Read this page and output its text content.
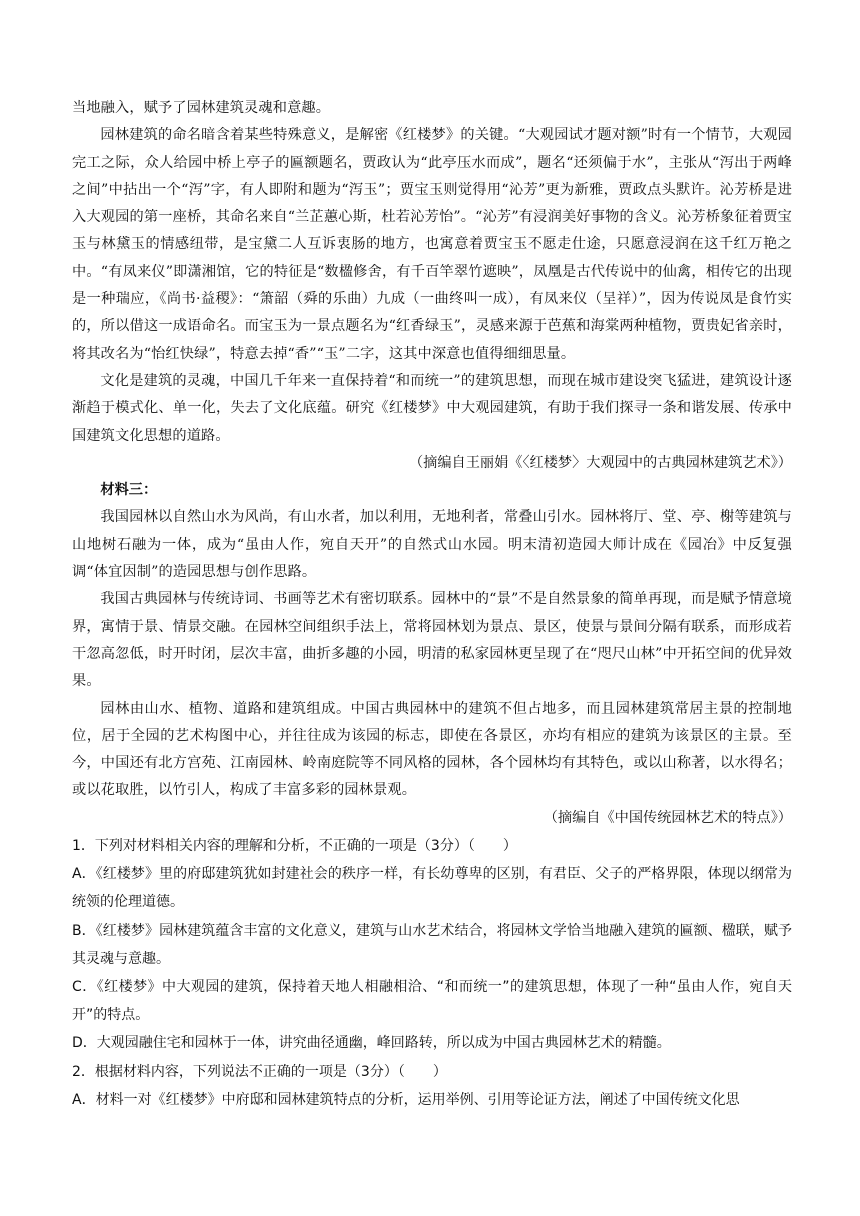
当地融入，赋予了园林建筑灵魂和意趣。

园林建筑的命名暗含着某些特殊意义，是解密《红楼梦》的关键。“大观园试才题对额”时有一个情节，大观园完工之际，众人给园中桥上亭子的匾额题名，贾政认为“此亭压水而成”，题名“还须偏于水”，主张从“泻出于两峰之间”中拈出一个“泻”字，有人即附和题为“泻玉”；贾宝玉则觉得用“沁芳”更为新雅，贾政点头默许。沁芳桥是进入大观园的第一座桥，其命名来自“兰芷蕙心斯，杜若沁芳怡”。“沁芳”有浸润美好事物的含义。沁芳桥象征着贾宝玉与林黛玉的情感纽带，是宝黛二人互诉衷肠的地方，也寓意着贾宝玉不愿走仕途，只愿意浸润在这千红万艳之中。“有凤来仪”即潇湘馆，它的特征是“数楹修舍，有千百竿翠竹遮映”，凤凰是古代传说中的仙禽，相传它的出现是一种瑞应，《尚书·益稷》：“箫韶（舜的乐曲）九成（一曲终叫一成），有凤来仪（呈祥）”，因为传说凤是食竹实的，所以借这一成语命名。而宝玉为一景点题名为“红香绿玉”，灵感来源于芭蕉和海棠两种植物，贾贵妃省亲时，将其改名为“怡红快绿”，特意去掉“香”“玉”二字，这其中深意也值得细细思量。

文化是建筑的灵魂，中国几千年来一直保持着“和而统一”的建筑思想，而现在城市建设突飞猛进，建筑设计逐渐趋于模式化、单一化，失去了文化底蕴。研究《红楼梦》中大观园建筑，有助于我们探寻一条和谐发展、传承中国建筑文化思想的道路。

（摘编自王丽娟《〈红楼梦〉大观园中的古典园林建筑艺术》）

材料三：

我国园林以自然山水为风尚，有山水者，加以利用，无地利者，常叠山引水。园林将厅、堂、亭、榭等建筑与山地树石融为一体，成为“虽由人作，宛自天开”的自然式山水园。明末清初造园大师计成在《园冶》中反复强调“体宜因制”的造园思想与创作思路。

我国古典园林与传统诗词、书画等艺术有密切联系。园林中的“景”不是自然景象的简单再现，而是赋予情意境界，寓情于景、情景交融。在园林空间组织手法上，常将园林划为景点、景区，使景与景间分隔有联系，而形成若干忽高忽低，时开时闭，层次丰富，曲折多趣的小园，明清的私家园林更呈现了在“咫尺山林”中开拓空间的优异效果。

园林由山水、植物、道路和建筑组成。中国古典园林中的建筑不但占地多，而且园林建筑常居主景的控制地位，居于全园的艺术构图中心，并往往成为该园的标志，即使在各景区，亦均有相应的建筑为该景区的主景。至今，中国还有北方宫苑、江南园林、岭南庭院等不同风格的园林，各个园林均有其特色，或以山称著，以水得名；或以花取胜，以竹引人，构成了丰富多彩的园林景观。

（摘编自《中国传统园林艺术的特点》）

1．下列对材料相关内容的理解和分析，不正确的一项是（3分）（　　）

A．《红楼梦》里的府邸建筑犹如封建社会的秩序一样，有长幼尊卑的区别，有君臣、父子的严格界限，体现以纲常为统领的伦理道德。

B．《红楼梦》园林建筑蕴含丰富的文化意义，建筑与山水艺术结合，将园林文学恰当地融入建筑的匾额、楹联，赋予其灵魂与意趣。

C．《红楼梦》中大观园的建筑，保持着天地人相融相洽、“和而统一”的建筑思想，体现了一种“虽由人作，宛自天开”的特点。

D．大观园融住宅和园林于一体，讲究曲径通幽，峰回路转，所以成为中国古典园林艺术的精髓。

2．根据材料内容，下列说法不正确的一项是（3分）（　　）

A．材料一对《红楼梦》中府邸和园林建筑特点的分析，运用举例、引用等论证方法，阐述了中国传统文化思
